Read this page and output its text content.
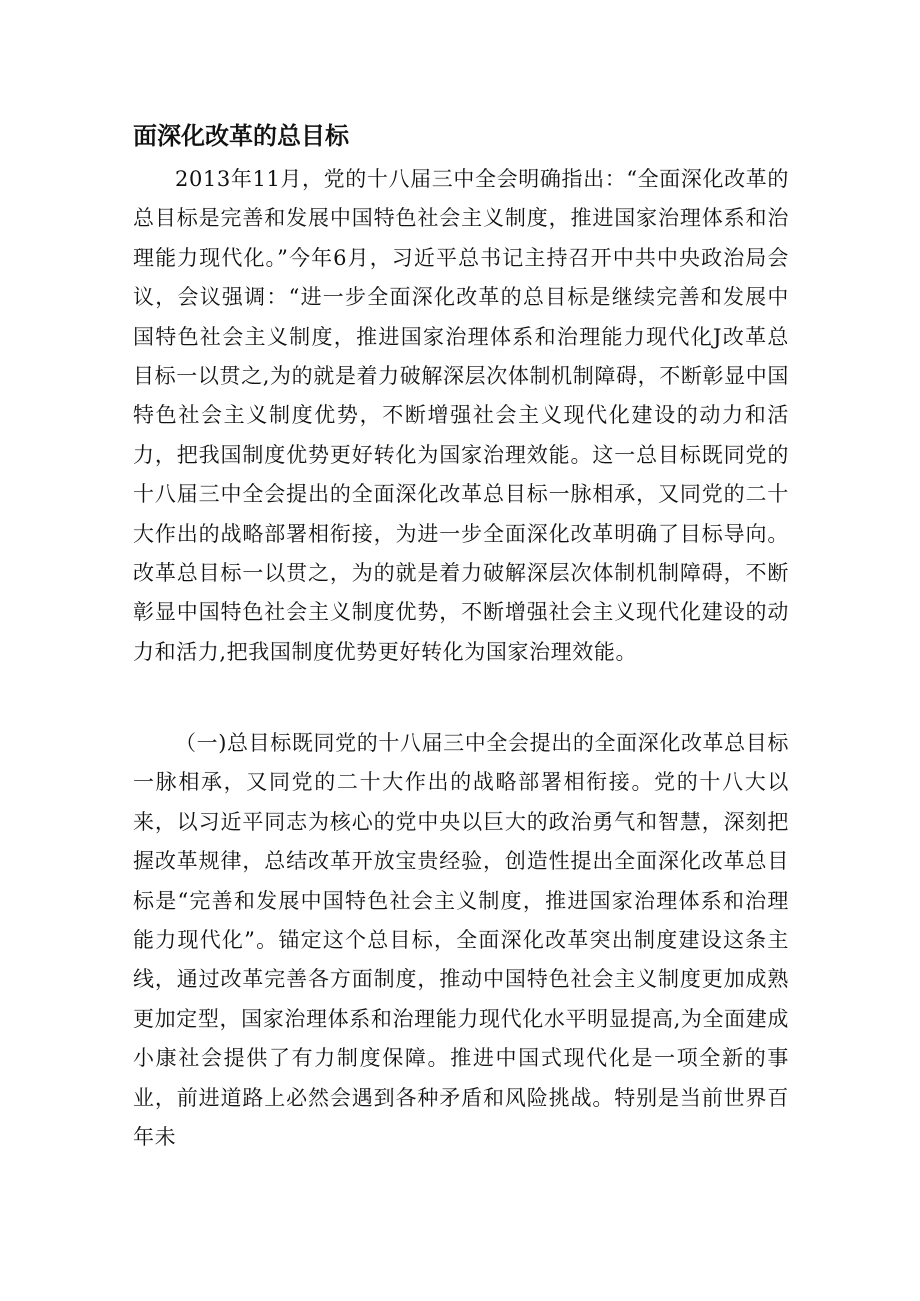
面深化改革的总目标

2013年11月，党的十八届三中全会明确指出：“全面深化改革的总目标是完善和发展中国特色社会主义制度，推进国家治理体系和治理能力现代化。”今年6月，习近平总书记主持召开中共中央政治局会议，会议强调：“进一步全面深化改革的总目标是继续完善和发展中国特色社会主义制度，推进国家治理体系和治理能力现代化J改革总目标一以贯之,为的就是着力破解深层次体制机制障碍，不断彰显中国特色社会主义制度优势，不断增强社会主义现代化建设的动力和活力，把我国制度优势更好转化为国家治理效能。这一总目标既同党的十八届三中全会提出的全面深化改革总目标一脉相承，又同党的二十大作出的战略部署相衔接，为进一步全面深化改革明确了目标导向。改革总目标一以贯之，为的就是着力破解深层次体制机制障碍，不断彰显中国特色社会主义制度优势，不断增强社会主义现代化建设的动力和活力,把我国制度优势更好转化为国家治理效能。

（一)总目标既同党的十八届三中全会提出的全面深化改革总目标一脉相承，又同党的二十大作出的战略部署相衔接。党的十八大以来，以习近平同志为核心的党中央以巨大的政治勇气和智慧，深刻把握改革规律，总结改革开放宝贵经验，创造性提出全面深化改革总目标是“完善和发展中国特色社会主义制度，推进国家治理体系和治理能力现代化”。锚定这个总目标，全面深化改革突出制度建设这条主线，通过改革完善各方面制度，推动中国特色社会主义制度更加成熟更加定型，国家治理体系和治理能力现代化水平明显提高,为全面建成小康社会提供了有力制度保障。推进中国式现代化是一项全新的事业，前进道路上必然会遇到各种矛盾和风险挑战。特别是当前世界百年未
